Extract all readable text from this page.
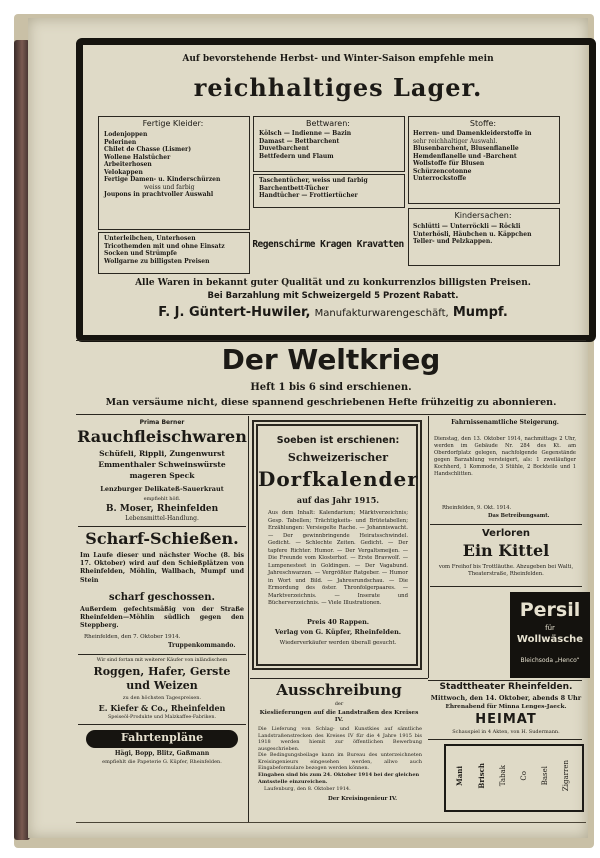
Auf bevorstehende Herbst- und Winter-Saison empfehle mein

reichhaltiges Lager.

Fertige Kleider:

Lodenjoppen
Pelerinen
Chilet de Chasse (Lismer)
Wollene Halstücher
Arbeiterhosen
Velokappen
Fertige Damen- u. Kinderschürzen
weiss und farbig
Joupons in prachtvoller Auswahl

Bettwaren:

Kölsch — Indienne — Bazin
Damast — Bettbarchent
Duvetbarchent
Bettfedern und Flaum

Stoffe:

Herren- und Damenkleiderstoffe in
sehr reichhaltiger Auswahl.
Blusenbarchent, Blusenflanelle
Hemdenflanelle und -Barchent
Wollstoffe für Blusen
Schürzencotonne
Unterrockstoffe
Taschentücher, weiss und farbig
Barchentbett-Tücher
Handtücher — Frottiertücher
Unterleibchen, Unterhosen
Tricothemden mit und ohne Einsatz
Socken und Strümpfe
Wollgarne zu billigsten Preisen

Regenschirme Kragen Kravatten

Kindersachen:

Schlütti — Unterröckli — Röckli
Unterhösli, Häubchen u. Käppchen
Teller- und Pelzkappen.

Alle Waren in bekannt guter Qualität und zu konkurrenzlos billigsten Preisen.

Bei Barzahlung mit Schweizergeld 5 Prozent Rabatt.

F. J. Güntert-Huwiler, Manufakturwarengeschäft, Mumpf.

Der Weltkrieg

Heft 1 bis 6 sind erschienen.

Man versäume nicht, diese spannend geschriebenen Hefte frühzeitig zu abonnieren.

Prima Berner

Rauchfleischwaren

Schüfeli, Rippli, Zungenwurst

Emmenthaler Schweinswürste

mageren Speck

Lenzburger Delikateß-Sauerkraut

empfiehlt höfl.

B. Moser, Rheinfelden

Lebensmittel-Handlung.

Scharf-Schießen.

Im Laufe dieser und nächster Woche (8. bis 17. Oktober) wird auf den Schießplätzen von Rheinfelden, Möhlin, Wallbach, Mumpf und Stein

scharf geschossen.

Außerdem gefechtsmäßig von der Straße Rheinfelden—Möhlin südlich gegen den Steppberg.

Rheinfelden, den 7. Oktober 1914.

Truppenkommando.

Wir sind fortan mit weiterer Käufer von inländischem

Roggen, Hafer, Gerste

und Weizen

zu den höchsten Tagespreisen.

E. Kiefer & Co., Rheinfelden

Speiseöl-Produkte und Malzkaffee-Fabriken.

Fahrtenpläne

Hägi, Bopp, Blitz, Gaßmann

empfiehlt die Papeterie G. Küpfer, Rheinfelden.

Soeben ist erschienen:

Schweizerischer

Dorfkalender

auf das Jahr 1915.

Aus dem Inhalt: Kalendarium; Märktverzeichnis; Gesp. Tabellen; Trächtigkeits- und Brütetabellen; Erzählungen: Versiegelte Rache. — Johanniswacht. — Der gewinnbringende Heiratsschwindel. Gedicht. — Schlechte Zeiten. Gedicht. — Der tapfere Richter. Humor. — Der Vergaltsmeijen. — Die Freunde vom Klosterhof. — Erste Bravwolf. — Lumpenesteet in Goldingen. — Der Vagabund. Jahreschwarzen. — Vergrößter Ratgeber. — Humor in Wort und Bild. — Jahresrundschau. — Die Ermordung des öster. Thronfolgerpaares. — Marktverzeichnis. — Inserate und Bücherverzeichnis. — Viele Illustrationen.

Preis 40 Rappen.

Verlag von G. Küpfer, Rheinfelden.

Wiederverkäufer werden überall gesucht.

Ausschreibung

der

Kieslieferungen auf die Landstraßen des Kreises IV.

Die Lieferung von Schlag- und Kunstkies auf sämtliche Landstraßenstrecken des Kreises IV für die 4 Jahre 1915 bis 1918 werden hiemit zur öffentlichen Bewerbung ausgeschrieben.

Die Bedingungsbeilage kann im Bureau des unterzeichneten Kreisingenieurs eingesehen werden, allwo auch Eingabeformulare bezogen werden können.

Eingaben sind bis zum 24. Oktober 1914 bei der gleichen Amtsstelle einzureichen.

Laufenburg, den 8. Oktober 1914.

Der Kreisingenieur IV.

Fahrnissenamtliche Steigerung.

Dienstag, den 13. Oktober 1914, nachmittags 2 Uhr, werden im Gebäude Nr. 284 des Kt. am Oberdorfplatz gelegen, nachfolgende Gegenstände gegen Barzahlung versteigert, als: 1 zweiläufiger Kochherd, 1 Kommode, 3 Stühle, 2 Bockteile und 1 Handschlitten.

Rheinfelden, 9. Okt. 1914.

Das Betreibungsamt.

Verloren

Ein Kittel

vom Freihof bis Trottläuthe. Abzugeben bei Walti, Theaterstraße, Rheinfelden.

Persil

für

Wollwäsche

Bleichsoda „Henco“

Stadttheater Rheinfelden.

Mittwoch, den 14. Oktober, abends 8 Uhr

Ehrenabend für Minna Lenges-Jaeck.

HEIMAT

Schauspiel in 4 Akten, von H. Sudermann.

Mani Brisch Tabak Co Basel Zigarren
